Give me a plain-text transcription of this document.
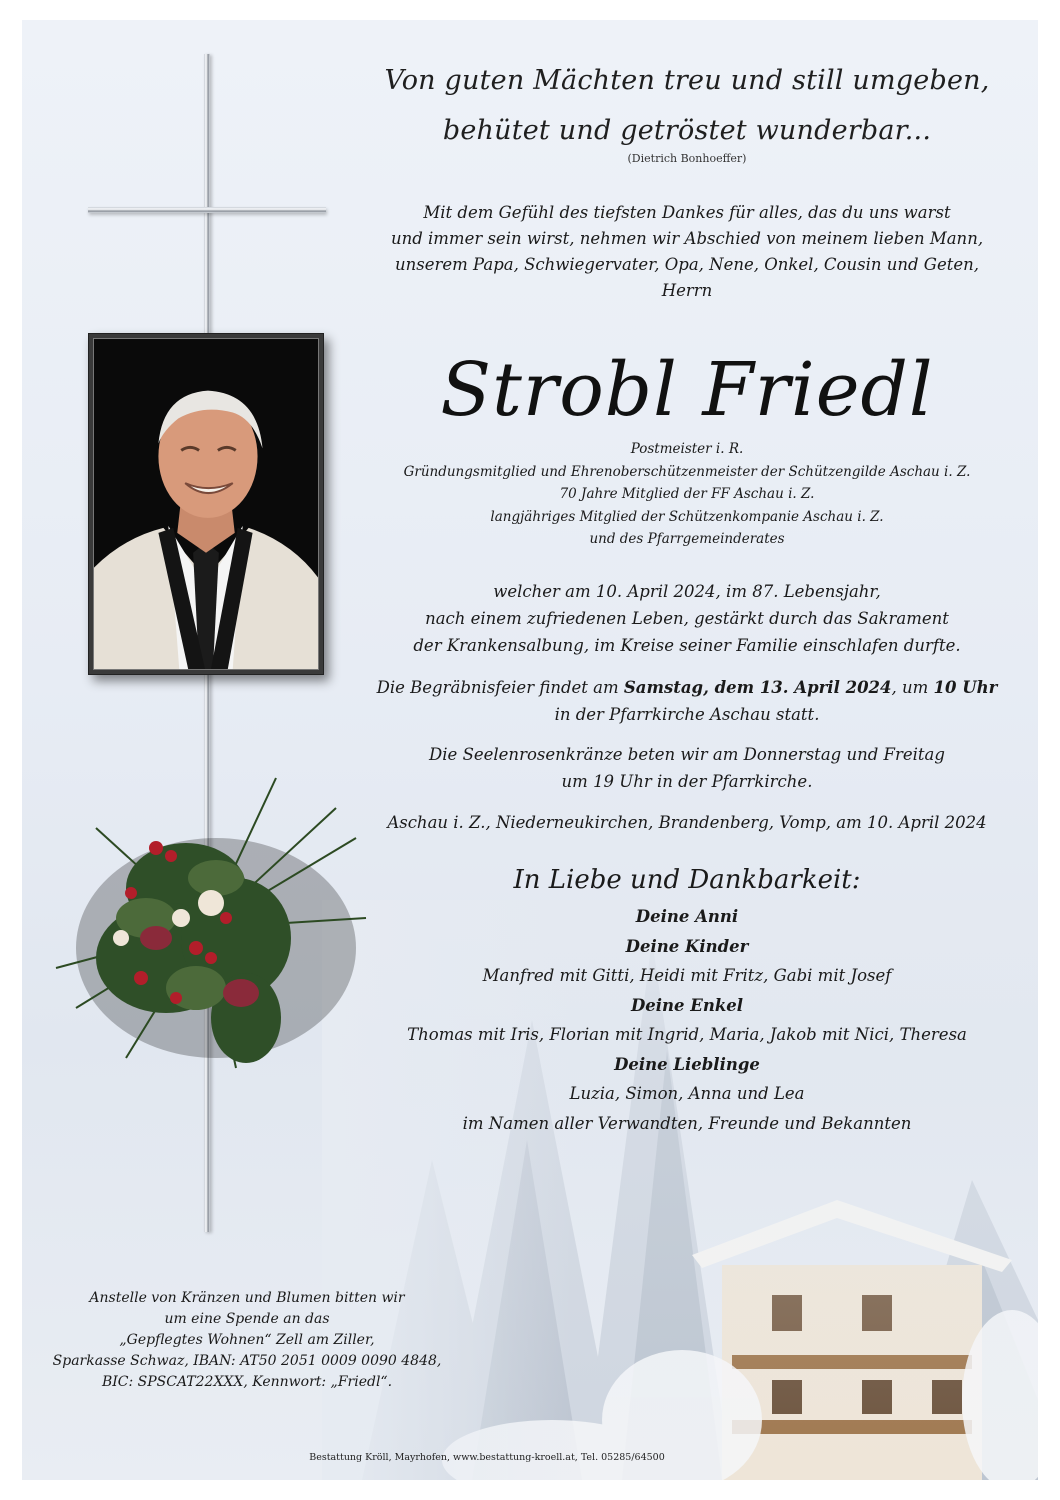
Von guten Mächten treu und still umgeben,
behütet und getröstet wunderbar...
(Dietrich Bonhoeffer)
Mit dem Gefühl des tiefsten Dankes für alles, das du uns warst
und immer sein wirst, nehmen wir Abschied von meinem lieben Mann,
unserem Papa, Schwiegervater, Opa, Nene, Onkel, Cousin und Geten,
Herrn
Strobl Friedl
Postmeister i. R.
Gründungsmitglied und Ehrenoberschützenmeister der Schützengilde Aschau i. Z.
70 Jahre Mitglied der FF Aschau i. Z.
langjähriges Mitglied der Schützenkompanie Aschau i. Z.
und des Pfarrgemeinderates
welcher am 10. April 2024, im 87. Lebensjahr,
nach einem zufriedenen Leben, gestärkt durch das Sakrament
der Krankensalbung, im Kreise seiner Familie einschlafen durfte.
Die Begräbnisfeier findet am Samstag, dem 13. April 2024, um 10 Uhr
in der Pfarrkirche Aschau statt.
Die Seelenrosenkränze beten wir am Donnerstag und Freitag
um 19 Uhr in der Pfarrkirche.
Aschau i. Z., Niederneukirchen, Brandenberg, Vomp, am 10. April 2024
In Liebe und Dankbarkeit:
Deine Anni
Deine Kinder
Manfred mit Gitti, Heidi mit Fritz, Gabi mit Josef
Deine Enkel
Thomas mit Iris, Florian mit Ingrid, Maria, Jakob mit Nici, Theresa
Deine Lieblinge
Luzia, Simon, Anna und Lea
im Namen aller Verwandten, Freunde und Bekannten
Anstelle von Kränzen und Blumen bitten wir
um eine Spende an das
„Gepflegtes Wohnen“ Zell am Ziller,
Sparkasse Schwaz, IBAN: AT50 2051 0009 0090 4848,
BIC: SPSCAT22XXX, Kennwort: „Friedl“.
Bestattung Kröll, Mayrhofen, www.bestattung-kroell.at, Tel. 05285/64500
